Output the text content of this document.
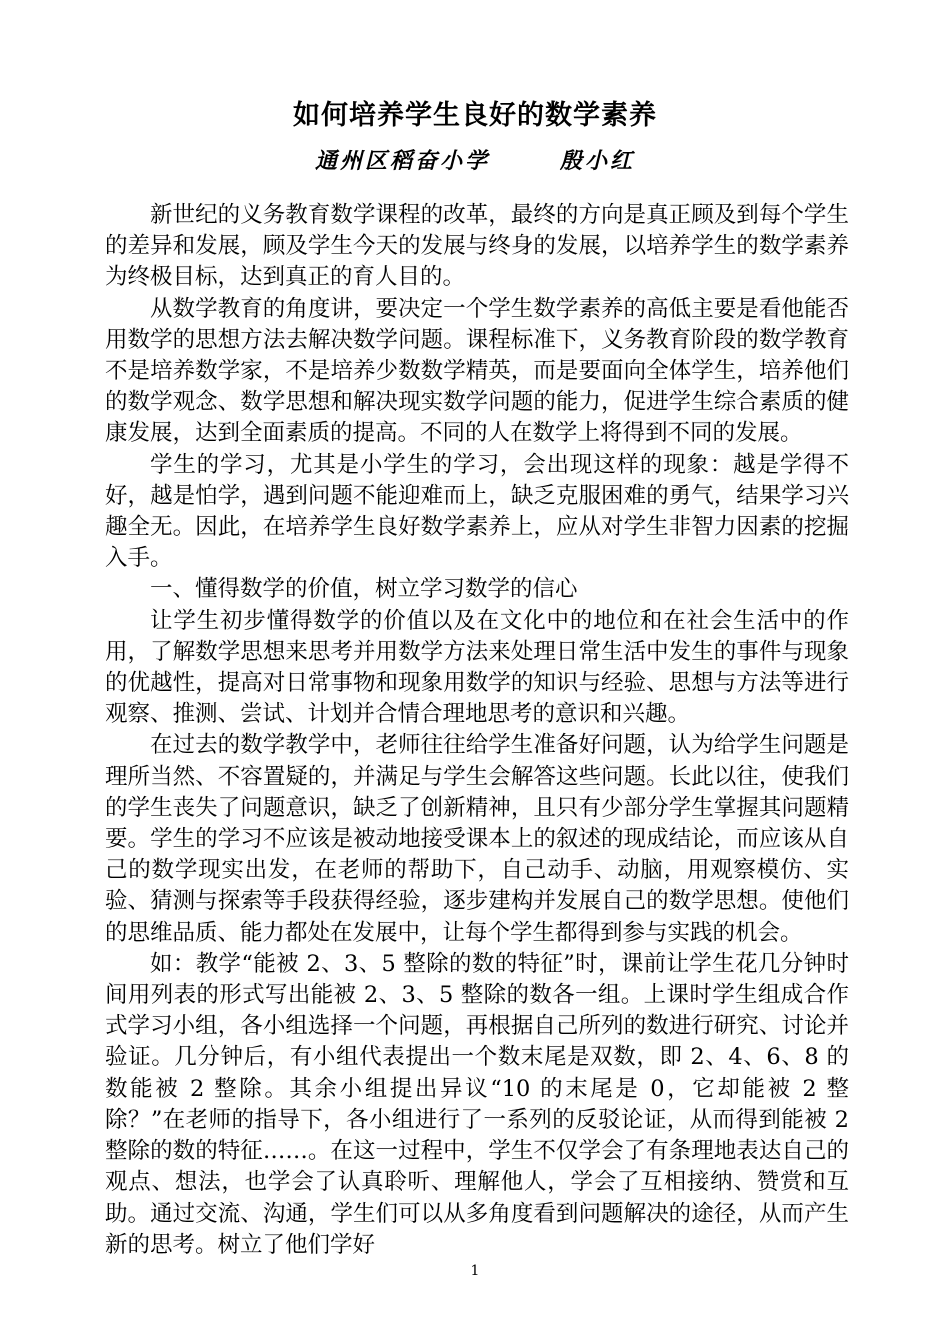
如何培养学生良好的数学素养
通州区稻奋小学	殷小红

新世纪的义务教育数学课程的改革，最终的方向是真正顾及到每个学生的差异和发展，顾及学生今天的发展与终身的发展，以培养学生的数学素养为终极目标，达到真正的育人目的。

从数学教育的角度讲，要决定一个学生数学素养的高低主要是看他能否用数学的思想方法去解决数学问题。课程标准下，义务教育阶段的数学教育不是培养数学家，不是培养少数数学精英，而是要面向全体学生，培养他们的数学观念、数学思想和解决现实数学问题的能力，促进学生综合素质的健康发展，达到全面素质的提高。不同的人在数学上将得到不同的发展。

学生的学习，尤其是小学生的学习，会出现这样的现象：越是学得不好，越是怕学，遇到问题不能迎难而上，缺乏克服困难的勇气，结果学习兴趣全无。因此，在培养学生良好数学素养上，应从对学生非智力因素的挖掘入手。

一、懂得数学的价值，树立学习数学的信心

让学生初步懂得数学的价值以及在文化中的地位和在社会生活中的作用，了解数学思想来思考并用数学方法来处理日常生活中发生的事件与现象的优越性，提高对日常事物和现象用数学的知识与经验、思想与方法等进行观察、推测、尝试、计划并合情合理地思考的意识和兴趣。

在过去的数学教学中，老师往往给学生准备好问题，认为给学生问题是理所当然、不容置疑的，并满足与学生会解答这些问题。长此以往，使我们的学生丧失了问题意识，缺乏了创新精神，且只有少部分学生掌握其问题精要。学生的学习不应该是被动地接受课本上的叙述的现成结论，而应该从自己的数学现实出发，在老师的帮助下，自己动手、动脑，用观察模仿、实验、猜测与探索等手段获得经验，逐步建构并发展自己的数学思想。使他们的思维品质、能力都处在发展中，让每个学生都得到参与实践的机会。

如：教学“能被 2、3、5 整除的数的特征”时，课前让学生花几分钟时间用列表的形式写出能被 2、3、5 整除的数各一组。上课时学生组成合作式学习小组，各小组选择一个问题，再根据自己所列的数进行研究、讨论并验证。几分钟后，有小组代表提出一个数末尾是双数，即 2、4、6、8 的数能被 2 整除。其余小组提出异议“10 的末尾是 0，它却能被 2 整除？”在老师的指导下，各小组进行了一系列的反驳论证，从而得到能被 2 整除的数的特征……。在这一过程中，学生不仅学会了有条理地表达自己的观点、想法，也学会了认真聆听、理解他人，学会了互相接纳、赞赏和互助。通过交流、沟通，学生们可以从多角度看到问题解决的途径，从而产生新的思考。树立了他们学好

1
